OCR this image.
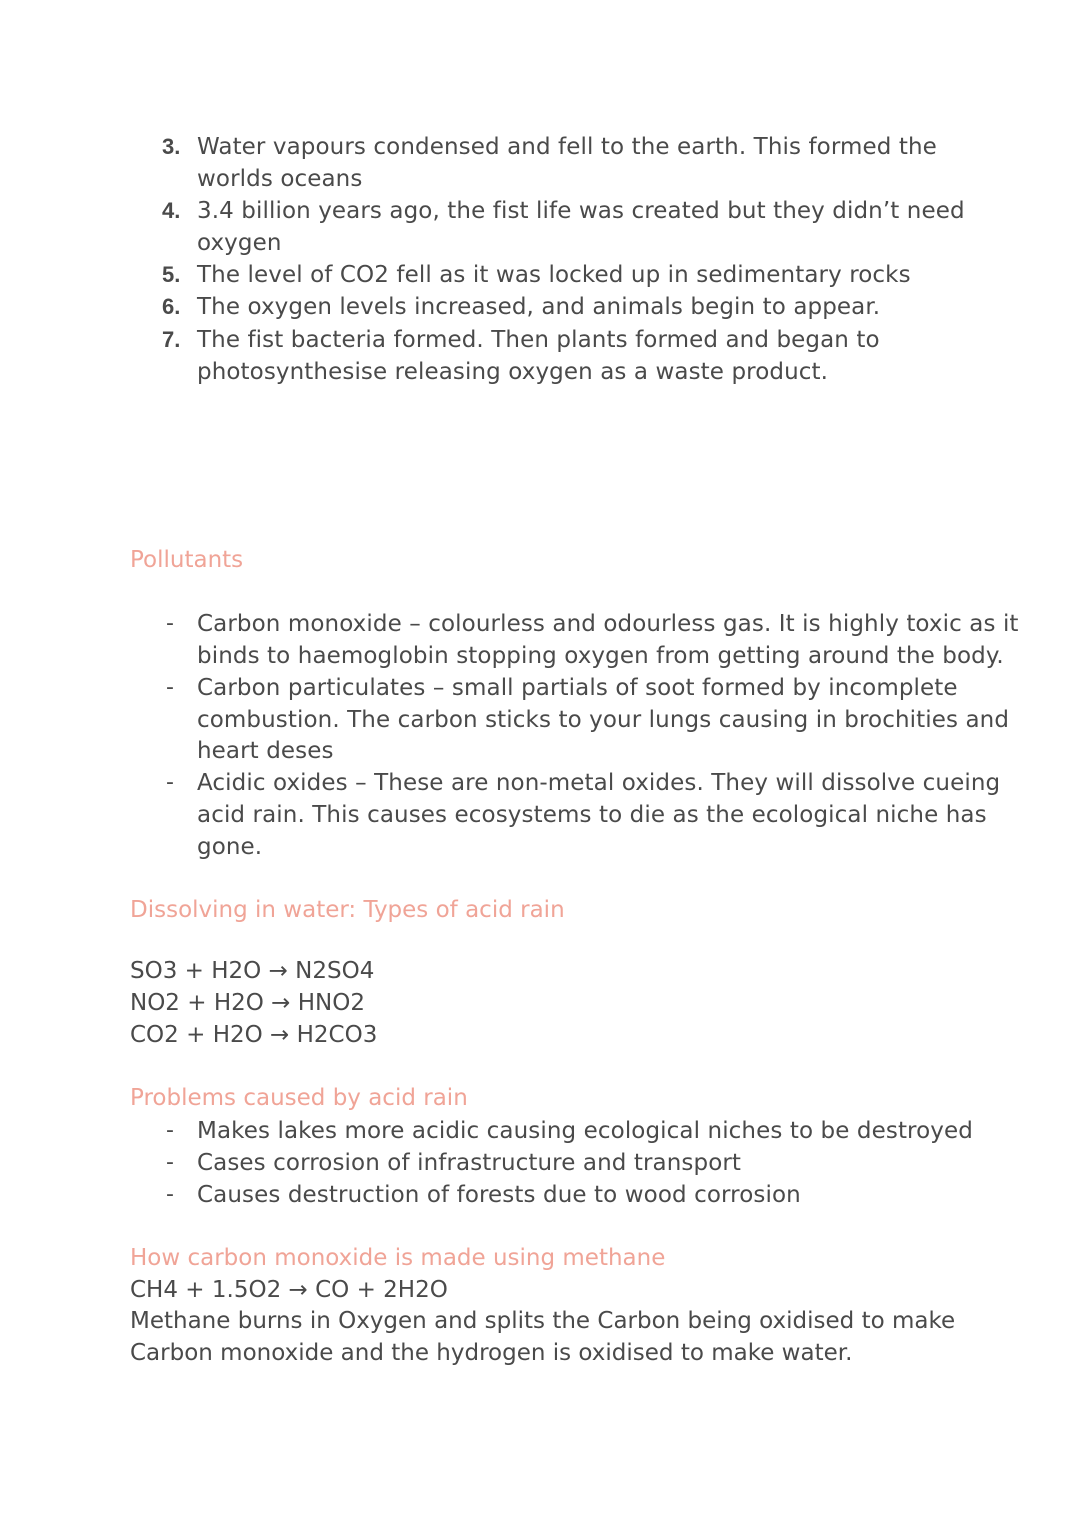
3. Water vapours condensed and fell to the earth. This formed the
worlds oceans
4. 3.4 billion years ago, the fist life was created but they didn’t need
oxygen
5. The level of CO2 fell as it was locked up in sedimentary rocks
6. The oxygen levels increased, and animals begin to appear.
7. The fist bacteria formed. Then plants formed and began to
photosynthesise releasing oxygen as a waste product.
Pollutants
- Carbon monoxide – colourless and odourless gas. It is highly toxic as it
binds to haemoglobin stopping oxygen from getting around the body.
- Carbon particulates – small partials of soot formed by incomplete
combustion. The carbon sticks to your lungs causing in brochities and
heart deses
- Acidic oxides – These are non-metal oxides. They will dissolve cueing
acid rain. This causes ecosystems to die as the ecological niche has
gone.
Dissolving in water: Types of acid rain
SO3 + H2O → N2SO4
NO2 + H2O → HNO2
CO2 + H2O → H2CO3
Problems caused by acid rain
- Makes lakes more acidic causing ecological niches to be destroyed
- Cases corrosion of infrastructure and transport
- Causes destruction of forests due to wood corrosion
How carbon monoxide is made using methane
CH4 + 1.5O2 → CO + 2H2O
Methane burns in Oxygen and splits the Carbon being oxidised to make
Carbon monoxide and the hydrogen is oxidised to make water.
